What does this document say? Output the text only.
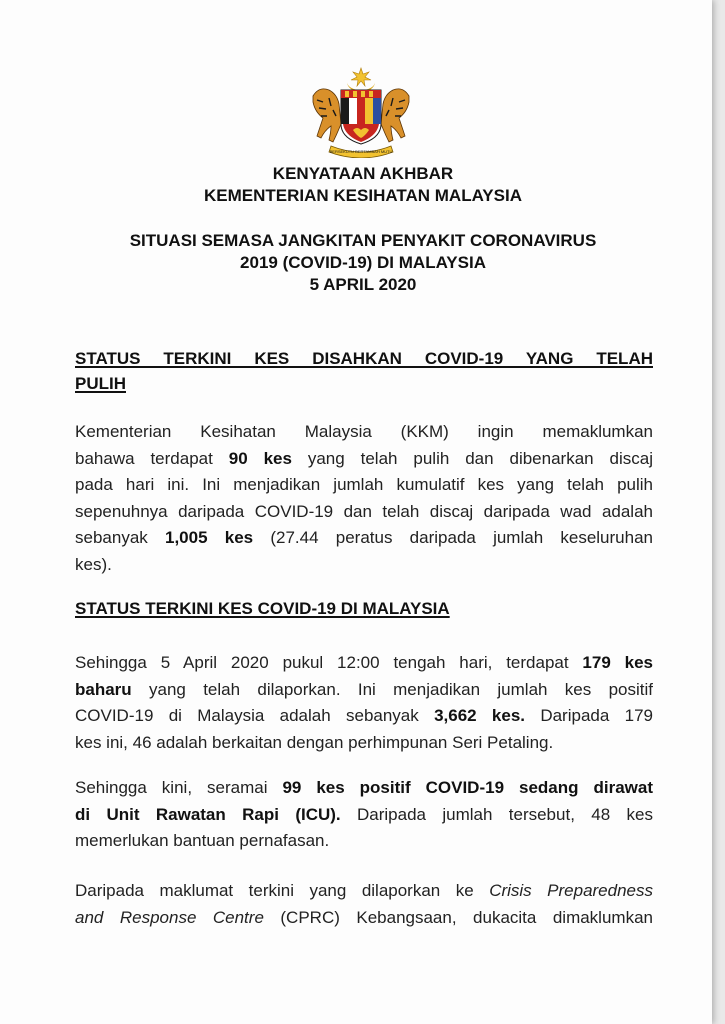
BERSEKUTU BERTAMBAH MUTU
KENYATAAN AKHBAR
KEMENTERIAN KESIHATAN MALAYSIA
SITUASI SEMASA JANGKITAN PENYAKIT CORONAVIRUS
2019 (COVID-19) DI MALAYSIA
5 APRIL 2020
STATUS TERKINI KES DISAHKAN COVID-19 YANG TELAH
PULIH
Kementerian Kesihatan Malaysia (KKM) ingin memaklumkan
bahawa terdapat 90 kes yang telah pulih dan dibenarkan discaj
pada hari ini. Ini menjadikan jumlah kumulatif kes yang telah pulih
sepenuhnya daripada COVID-19 dan telah discaj daripada wad adalah
sebanyak 1,005 kes (27.44 peratus daripada jumlah keseluruhan
kes).
STATUS TERKINI KES COVID-19 DI MALAYSIA
Sehingga 5 April 2020 pukul 12:00 tengah hari, terdapat 179 kes
baharu yang telah dilaporkan. Ini menjadikan jumlah kes positif
COVID-19 di Malaysia adalah sebanyak 3,662 kes. Daripada 179
kes ini, 46 adalah berkaitan dengan perhimpunan Seri Petaling.
Sehingga kini, seramai 99 kes positif COVID-19 sedang dirawat
di Unit Rawatan Rapi (ICU). Daripada jumlah tersebut, 48 kes
memerlukan bantuan pernafasan.
Daripada maklumat terkini yang dilaporkan ke Crisis Preparedness
and Response Centre (CPRC) Kebangsaan, dukacita dimaklumkan
